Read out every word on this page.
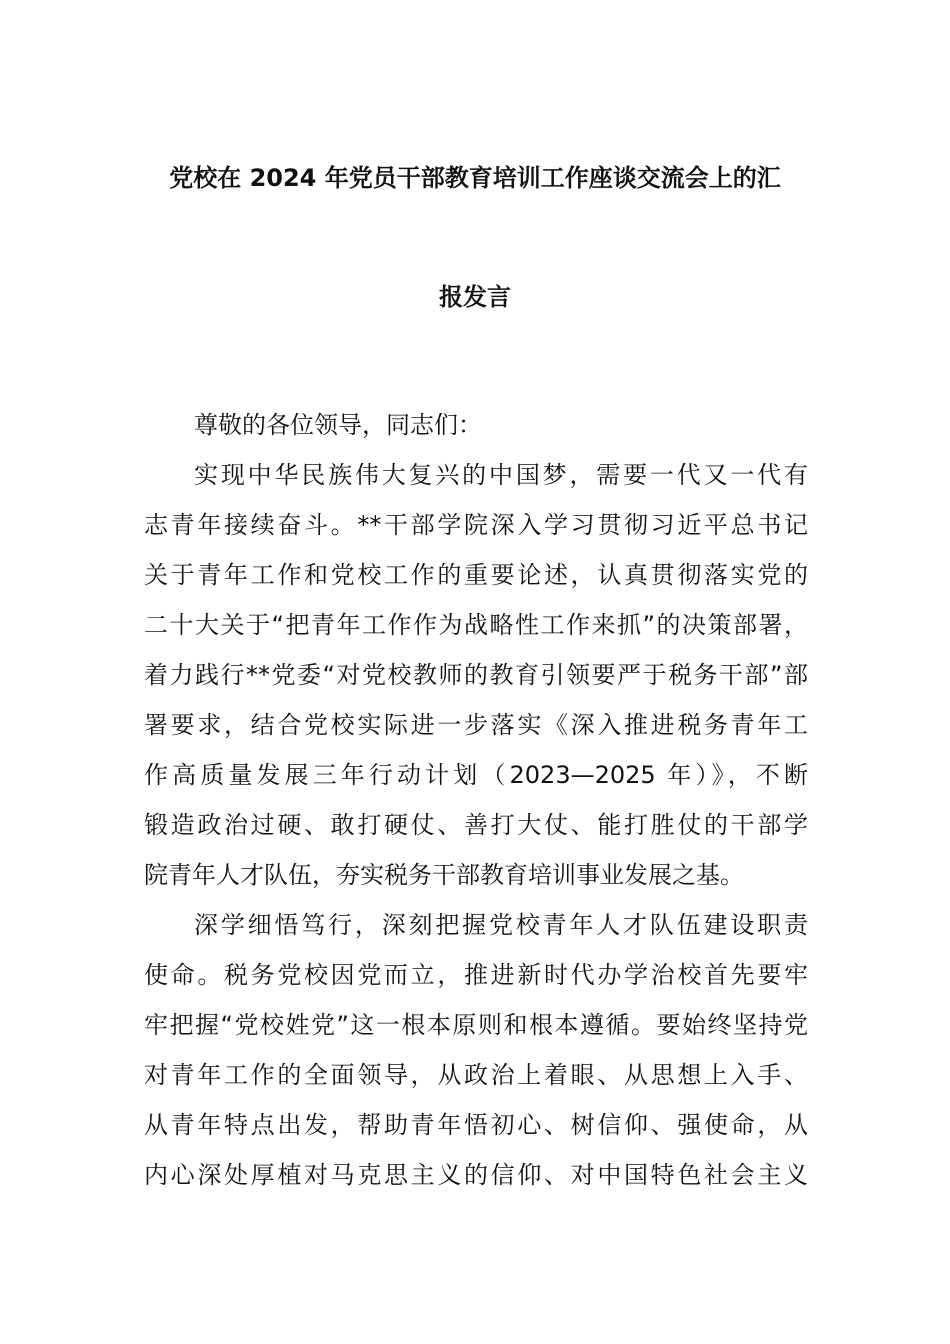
党校在 2024 年党员干部教育培训工作座谈交流会上的汇
报发言
尊敬的各位领导，同志们：
实现中华民族伟大复兴的中国梦，需要一代又一代有
志青年接续奋斗。**干部学院深入学习贯彻习近平总书记
关于青年工作和党校工作的重要论述，认真贯彻落实党的
二十大关于“把青年工作作为战略性工作来抓”的决策部署，
着力践行**党委“对党校教师的教育引领要严于税务干部”部
署要求，结合党校实际进一步落实《深入推进税务青年工
作高质量发展三年行动计划（2023—2025 年）》，不断
锻造政治过硬、敢打硬仗、善打大仗、能打胜仗的干部学
院青年人才队伍，夯实税务干部教育培训事业发展之基。
深学细悟笃行，深刻把握党校青年人才队伍建设职责
使命。税务党校因党而立，推进新时代办学治校首先要牢
牢把握“党校姓党”这一根本原则和根本遵循。要始终坚持党
对青年工作的全面领导，从政治上着眼、从思想上入手、
从青年特点出发，帮助青年悟初心、树信仰、强使命，从
内心深处厚植对马克思主义的信仰、对中国特色社会主义
